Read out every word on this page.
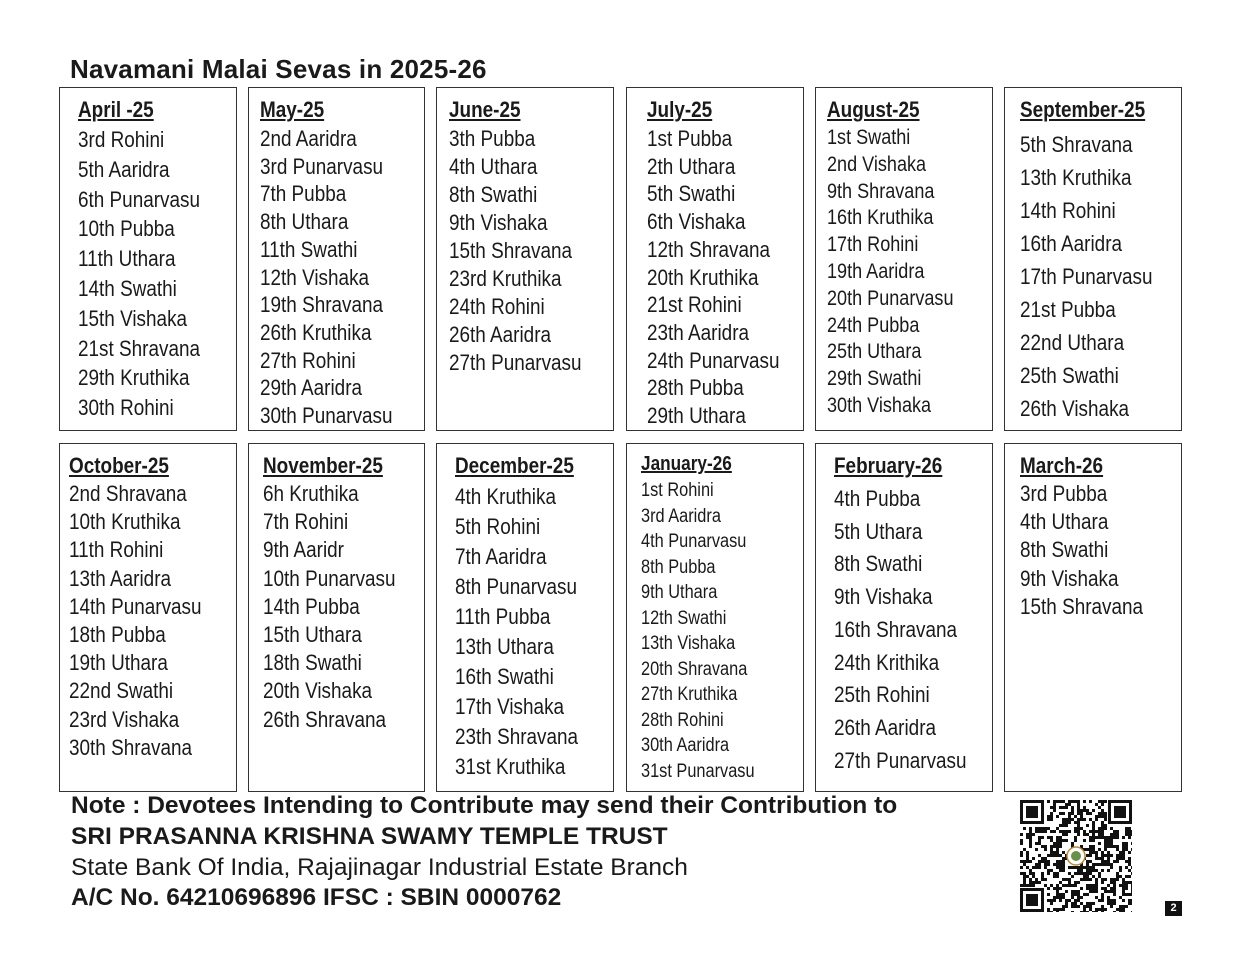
Navamani Malai Sevas in 2025-26
April -25
3rd Rohini
5th Aaridra
6th Punarvasu
10th Pubba
11th Uthara
14th Swathi
15th Vishaka
21st Shravana
29th Kruthika
30th Rohini
May-25
2nd Aaridra
3rd Punarvasu
7th Pubba
8th Uthara
11th Swathi
12th Vishaka
19th Shravana
26th Kruthika
27th Rohini
29th Aaridra
30th Punarvasu
June-25
3th Pubba
4th Uthara
8th Swathi
9th Vishaka
15th Shravana
23rd Kruthika
24th Rohini
26th Aaridra
27th Punarvasu
July-25
1st Pubba
2th Uthara
5th Swathi
6th Vishaka
12th Shravana
20th Kruthika
21st Rohini
23th Aaridra
24th Punarvasu
28th Pubba
29th Uthara
August-25
1st Swathi
2nd Vishaka
9th Shravana
16th Kruthika
17th Rohini
19th Aaridra
20th Punarvasu
24th Pubba
25th Uthara
29th Swathi
30th Vishaka
September-25
5th Shravana
13th Kruthika
14th Rohini
16th Aaridra
17th Punarvasu
21st Pubba
22nd Uthara
25th Swathi
26th Vishaka
October-25
2nd Shravana
10th Kruthika
11th Rohini
13th Aaridra
14th Punarvasu
18th Pubba
19th Uthara
22nd Swathi
23rd Vishaka
30th Shravana
November-25
6h Kruthika
7th Rohini
9th Aaridr
10th Punarvasu
14th Pubba
15th Uthara
18th Swathi
20th Vishaka
26th Shravana
December-25
4th Kruthika
5th Rohini
7th Aaridra
8th Punarvasu
11th Pubba
13th Uthara
16th Swathi
17th Vishaka
23th Shravana
31st Kruthika
January-26
1st Rohini
3rd Aaridra
4th Punarvasu
8th Pubba
9th Uthara
12th Swathi
13th Vishaka
20th Shravana
27th Kruthika
28th Rohini
30th Aaridra
31st Punarvasu
February-26
4th Pubba
5th Uthara
8th Swathi
9th Vishaka
16th Shravana
24th Krithika
25th Rohini
26th Aaridra
27th Punarvasu
March-26
3rd Pubba
4th Uthara
8th Swathi
9th Vishaka
15th Shravana
Note : Devotees Intending to Contribute may send their Contribution to
SRI PRASANNA KRISHNA SWAMY TEMPLE TRUST
State Bank Of India, Rajajinagar Industrial Estate Branch
A/C No. 64210696896 IFSC : SBIN 0000762	2
